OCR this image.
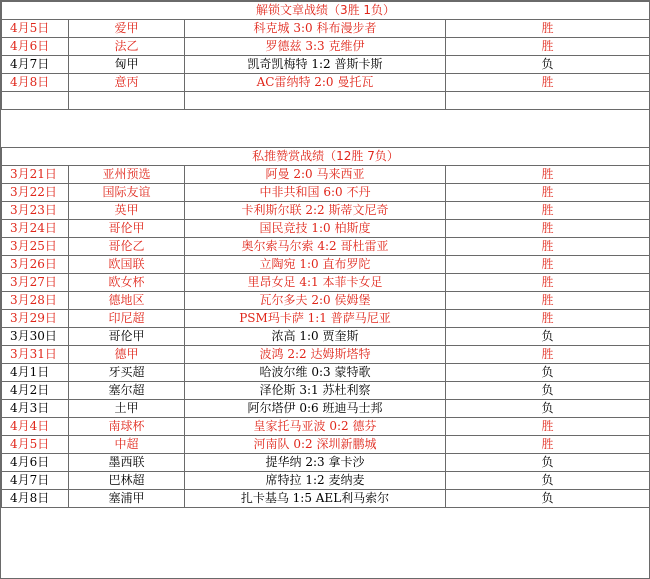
解锁文章战绩（3胜 1负）			
4月5日	爱甲	科克城 3:0 科布漫步者	胜
4月6日	法乙	罗德兹 3:3 克维伊	胜
4月7日	匈甲	凯奇凯梅特 1:2 普斯卡斯	负
4月8日	意丙	AC雷纳特 2:0 曼托瓦	胜

私推赞赏战绩（12胜 7负）			
3月21日	亚州预选	阿曼 2:0 马来西亚	胜
3月22日	国际友谊	中非共和国 6:0 不丹	胜
3月23日	英甲	卡利斯尔联 2:2 斯蒂文尼奇	胜
3月24日	哥伦甲	国民竞技 1:0 柏斯度	胜
3月25日	哥伦乙	奥尔索马尔索 4:2 哥杜雷亚	胜
3月26日	欧国联	立陶宛 1:0 直布罗陀	胜
3月27日	欧女杯	里昂女足 4:1 本菲卡女足	胜
3月28日	德地区	瓦尔多夫 2:0 侯姆堡	胜
3月29日	印尼超	PSM玛卡萨 1:1 普萨马尼亚	胜
3月30日	哥伦甲	浓高 1:0 贾奎斯	负
3月31日	德甲	波鸿 2:2 达姆斯塔特	胜
4月1日	牙买超	哈波尔维 0:3 蒙特歌	负
4月2日	塞尔超	泽伦斯 3:1 苏杜利察	负
4月3日	土甲	阿尔塔伊 0:6 班迪马士邦	负
4月4日	南球杯	皇家托马亚波 0:2 德芬	胜
4月5日	中超	河南队 0:2 深圳新鹏城	胜
4月6日	墨西联	提华纳 2:3 拿卡沙	负
4月7日	巴林超	席特拉 1:2 麦纳麦	负
4月8日	塞浦甲	扎卡基乌 1:5 AEL利马索尔	负
